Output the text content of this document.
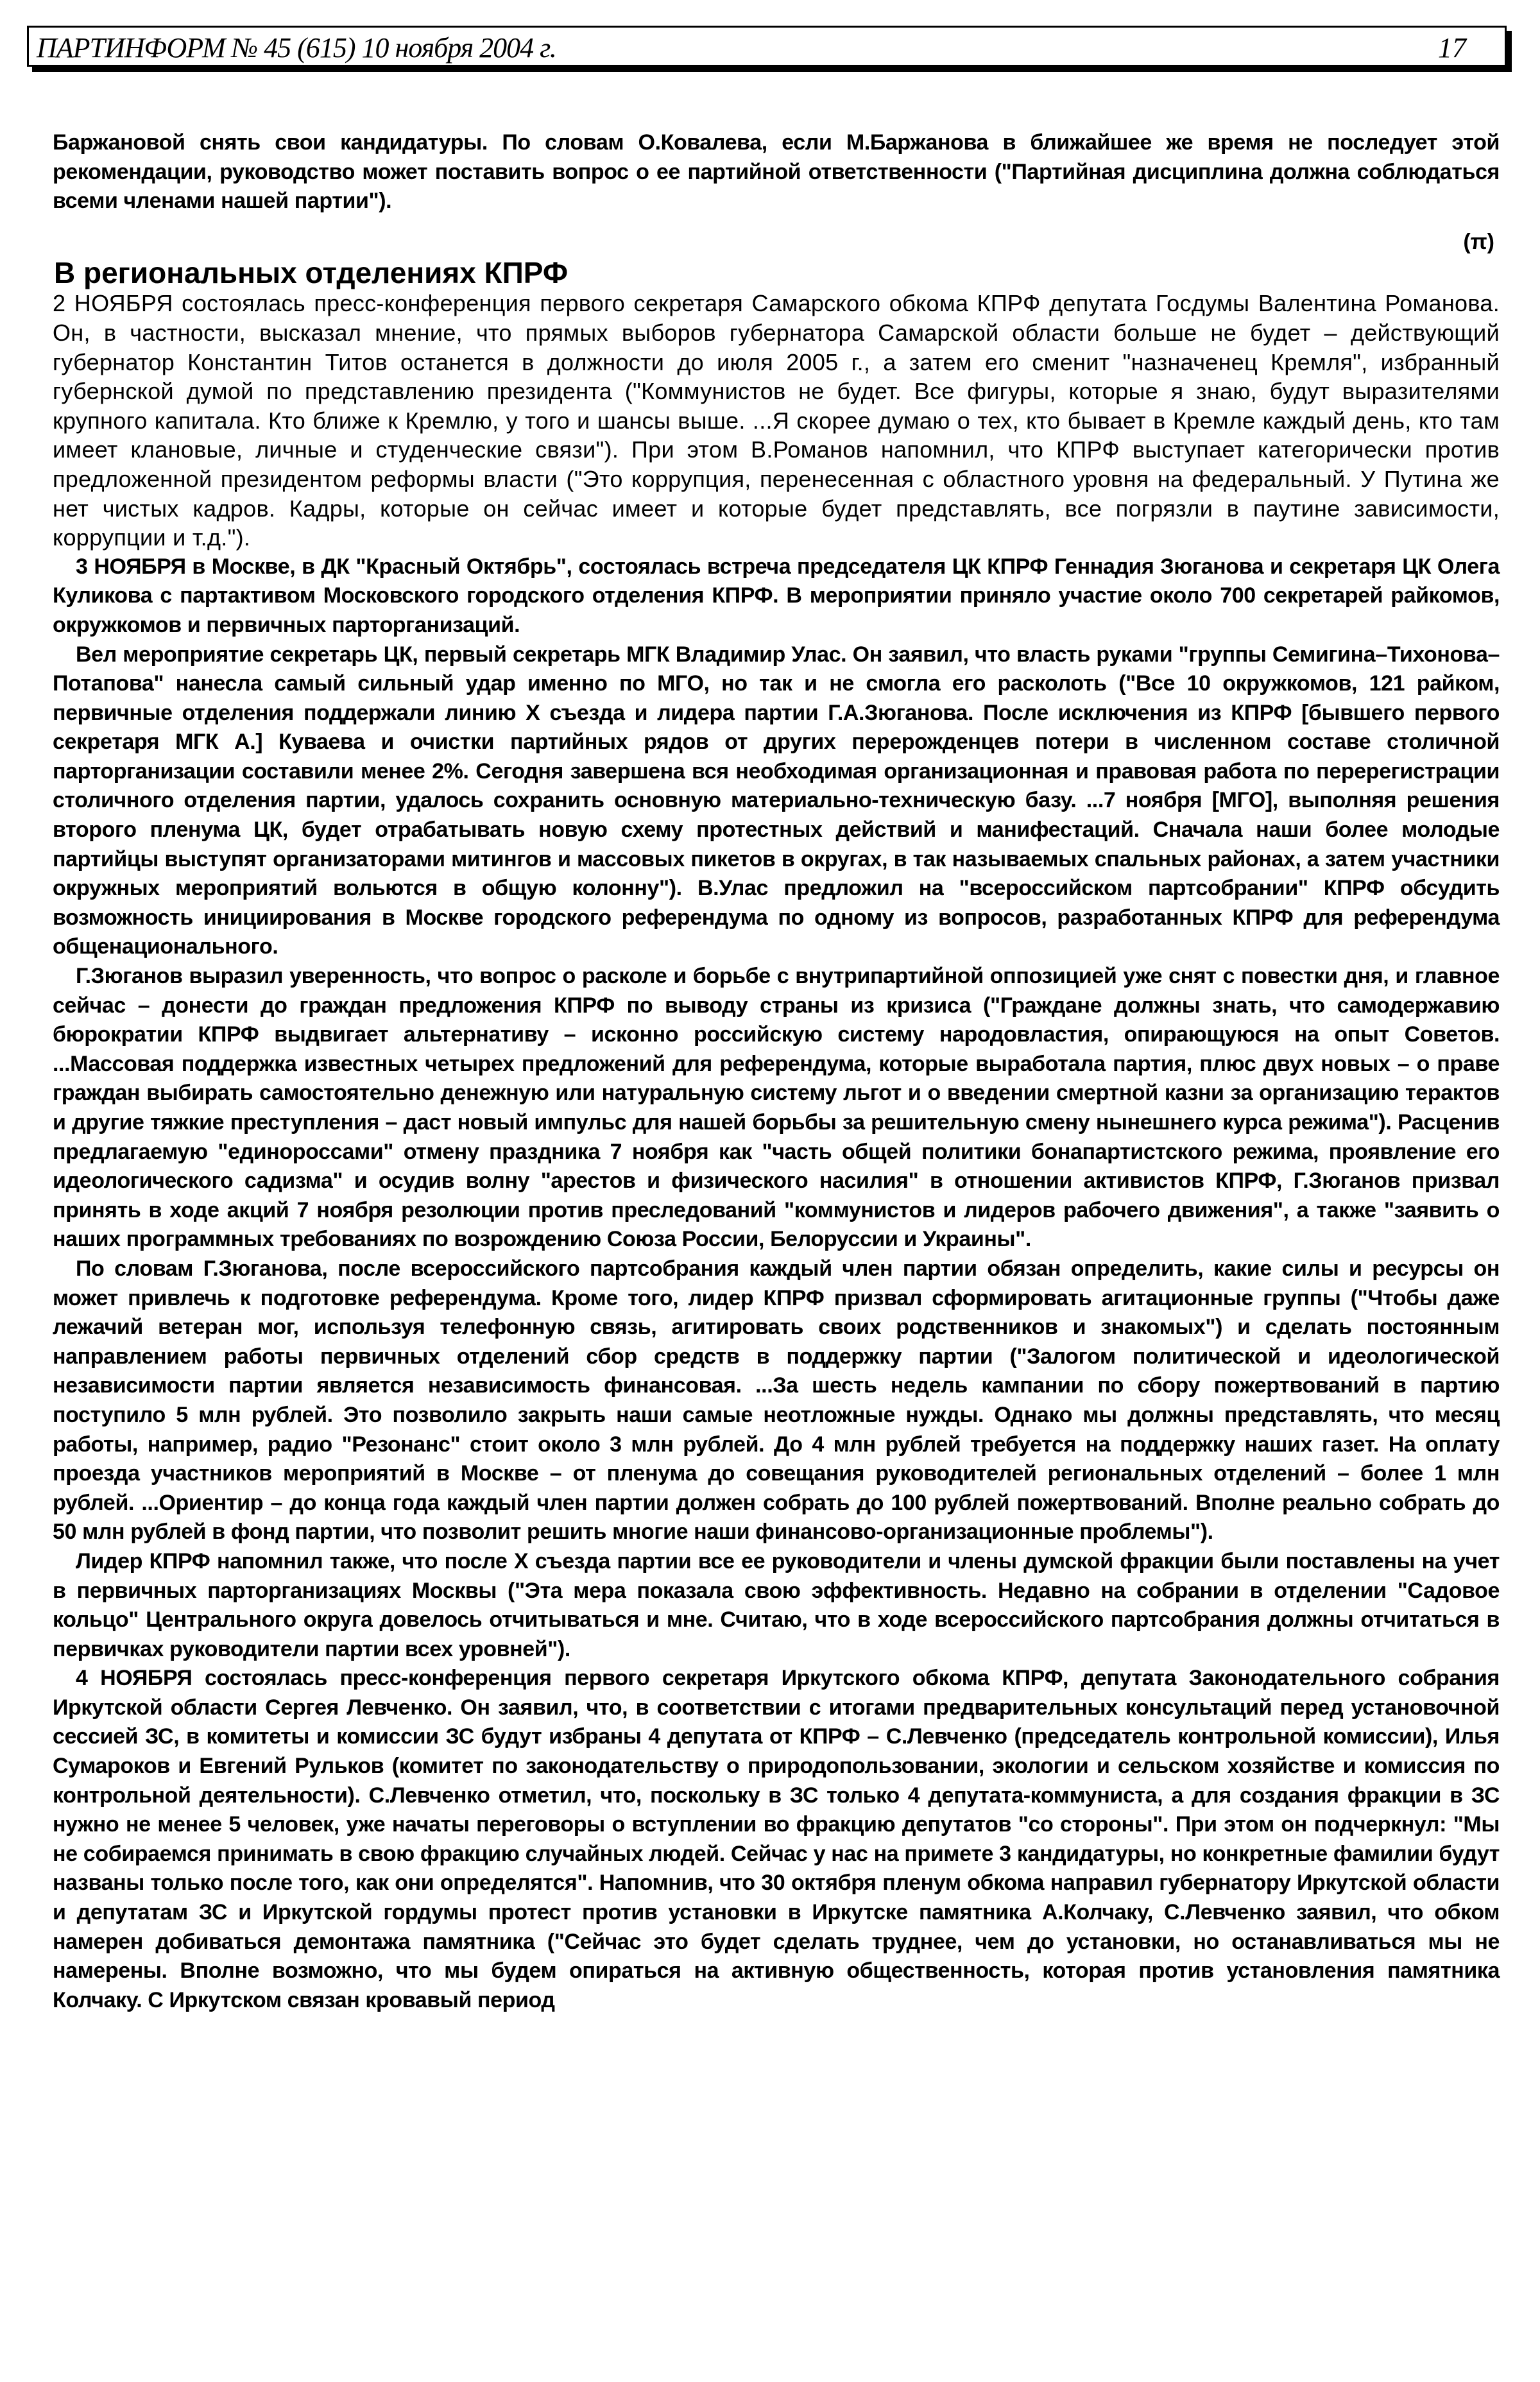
ПАРТИНФОРМ № 45 (615) 10 ноября 2004 г.	17

Баржановой снять свои кандидатуры. По словам О.Ковалева, если М.Баржанова в ближайшее же время не последует этой рекомендации, руководство может поставить вопрос о ее партийной ответственности ("Партийная дисциплина должна соблюдаться всеми членами нашей партии").

(π)

В региональных отделениях КПРФ

2 НОЯБРЯ состоялась пресс-конференция первого секретаря Самарского обкома КПРФ депутата Госдумы Валентина Романова. Он, в частности, высказал мнение, что прямых выборов губернатора Самарской области больше не будет – действующий губернатор Константин Титов останется в должности до июля 2005 г., а затем его сменит "назначенец Кремля", избранный губернской думой по представлению президента ("Коммунистов не будет. Все фигуры, которые я знаю, будут выразителями крупного капитала. Кто ближе к Кремлю, у того и шансы выше. ...Я скорее думаю о тех, кто бывает в Кремле каждый день, кто там имеет клановые, личные и студенческие связи"). При этом В.Романов напомнил, что КПРФ выступает категорически против предложенной президентом реформы власти ("Это коррупция, перенесенная с областного уровня на федеральный. У Путина же нет чистых кадров. Кадры, которые он сейчас имеет и которые будет представлять, все погрязли в паутине зависимости, коррупции и т.д.").

3 НОЯБРЯ в Москве, в ДК "Красный Октябрь", состоялась встреча председателя ЦК КПРФ Геннадия Зюганова и секретаря ЦК Олега Куликова с партактивом Московского городского отделения КПРФ. В мероприятии приняло участие около 700 секретарей райкомов, окружкомов и первичных парторганизаций.

Вел мероприятие секретарь ЦК, первый секретарь МГК Владимир Улас. Он заявил, что власть руками "группы Семигина–Тихонова–Потапова" нанесла самый сильный удар именно по МГО, но так и не смогла его расколоть ("Все 10 окружкомов, 121 райком, первичные отделения поддержали линию X съезда и лидера партии Г.А.Зюганова. После исключения из КПРФ [бывшего первого секретаря МГК А.] Куваева и очистки партийных рядов от других перерожденцев потери в численном составе столичной парторганизации составили менее 2%. Сегодня завершена вся необходимая организационная и правовая работа по перерегистрации столичного отделения партии, удалось сохранить основную материально-техническую базу. ...7 ноября [МГО], выполняя решения второго пленума ЦК, будет отрабатывать новую схему протестных действий и манифестаций. Сначала наши более молодые партийцы выступят организаторами митингов и массовых пикетов в округах, в так называемых спальных районах, а затем участники окружных мероприятий вольются в общую колонну"). В.Улас предложил на "всероссийском партсобрании" КПРФ обсудить возможность инициирования в Москве городского референдума по одному из вопросов, разработанных КПРФ для референдума общенационального.

Г.Зюганов выразил уверенность, что вопрос о расколе и борьбе с внутрипартийной оппозицией уже снят с повестки дня, и главное сейчас – донести до граждан предложения КПРФ по выводу страны из кризиса ("Граждане должны знать, что самодержавию бюрократии КПРФ выдвигает альтернативу – исконно российскую систему народовластия, опирающуюся на опыт Советов. ...Массовая поддержка известных четырех предложений для референдума, которые выработала партия, плюс двух новых – о праве граждан выбирать самостоятельно денежную или натуральную систему льгот и о введении смертной казни за организацию терактов и другие тяжкие преступления – даст новый импульс для нашей борьбы за решительную смену нынешнего курса режима"). Расценив предлагаемую "единороссами" отмену праздника 7 ноября как "часть общей политики бонапартистского режима, проявление его идеологического садизма" и осудив волну "арестов и физического насилия" в отношении активистов КПРФ, Г.Зюганов призвал принять в ходе акций 7 ноября резолюции против преследований "коммунистов и лидеров рабочего движения", а также "заявить о наших программных требованиях по возрождению Союза России, Белоруссии и Украины".

По словам Г.Зюганова, после всероссийского партсобрания каждый член партии обязан определить, какие силы и ресурсы он может привлечь к подготовке референдума. Кроме того, лидер КПРФ призвал сформировать агитационные группы ("Чтобы даже лежачий ветеран мог, используя телефонную связь, агитировать своих родственников и знакомых") и сделать постоянным направлением работы первичных отделений сбор средств в поддержку партии ("Залогом политической и идеологической независимости партии является независимость финансовая. ...За шесть недель кампании по сбору пожертвований в партию поступило 5 млн рублей. Это позволило закрыть наши самые неотложные нужды. Однако мы должны представлять, что месяц работы, например, радио "Резонанс" стоит около 3 млн рублей. До 4 млн рублей требуется на поддержку наших газет. На оплату проезда участников мероприятий в Москве – от пленума до совещания руководителей региональных отделений – более 1 млн рублей. ...Ориентир – до конца года каждый член партии должен собрать до 100 рублей пожертвований. Вполне реально собрать до 50 млн рублей в фонд партии, что позволит решить многие наши финансово-организационные проблемы").

Лидер КПРФ напомнил также, что после X съезда партии все ее руководители и члены думской фракции были поставлены на учет в первичных парторганизациях Москвы ("Эта мера показала свою эффективность. Недавно на собрании в отделении "Садовое кольцо" Центрального округа довелось отчитываться и мне. Считаю, что в ходе всероссийского партсобрания должны отчитаться в первичках руководители партии всех уровней").

4 НОЯБРЯ состоялась пресс-конференция первого секретаря Иркутского обкома КПРФ, депутата Законодательного собрания Иркутской области Сергея Левченко. Он заявил, что, в соответствии с итогами предварительных консультаций перед установочной сессией ЗС, в комитеты и комиссии ЗС будут избраны 4 депутата от КПРФ – С.Левченко (председатель контрольной комиссии), Илья Сумароков и Евгений Рульков (комитет по законодательству о природопользовании, экологии и сельском хозяйстве и комиссия по контрольной деятельности). С.Левченко отметил, что, поскольку в ЗС только 4 депутата-коммуниста, а для создания фракции в ЗС нужно не менее 5 человек, уже начаты переговоры о вступлении во фракцию депутатов "со стороны". При этом он подчеркнул: "Мы не собираемся принимать в свою фракцию случайных людей. Сейчас у нас на примете 3 кандидатуры, но конкретные фамилии будут названы только после того, как они определятся". Напомнив, что 30 октября пленум обкома направил губернатору Иркутской области и депутатам ЗС и Иркутской гордумы протест против установки в Иркутске памятника А.Колчаку, С.Левченко заявил, что обком намерен добиваться демонтажа памятника ("Сейчас это будет сделать труднее, чем до установки, но останавливаться мы не намерены. Вполне возможно, что мы будем опираться на активную общественность, которая против установления памятника Колчаку. С Иркутском связан кровавый период
